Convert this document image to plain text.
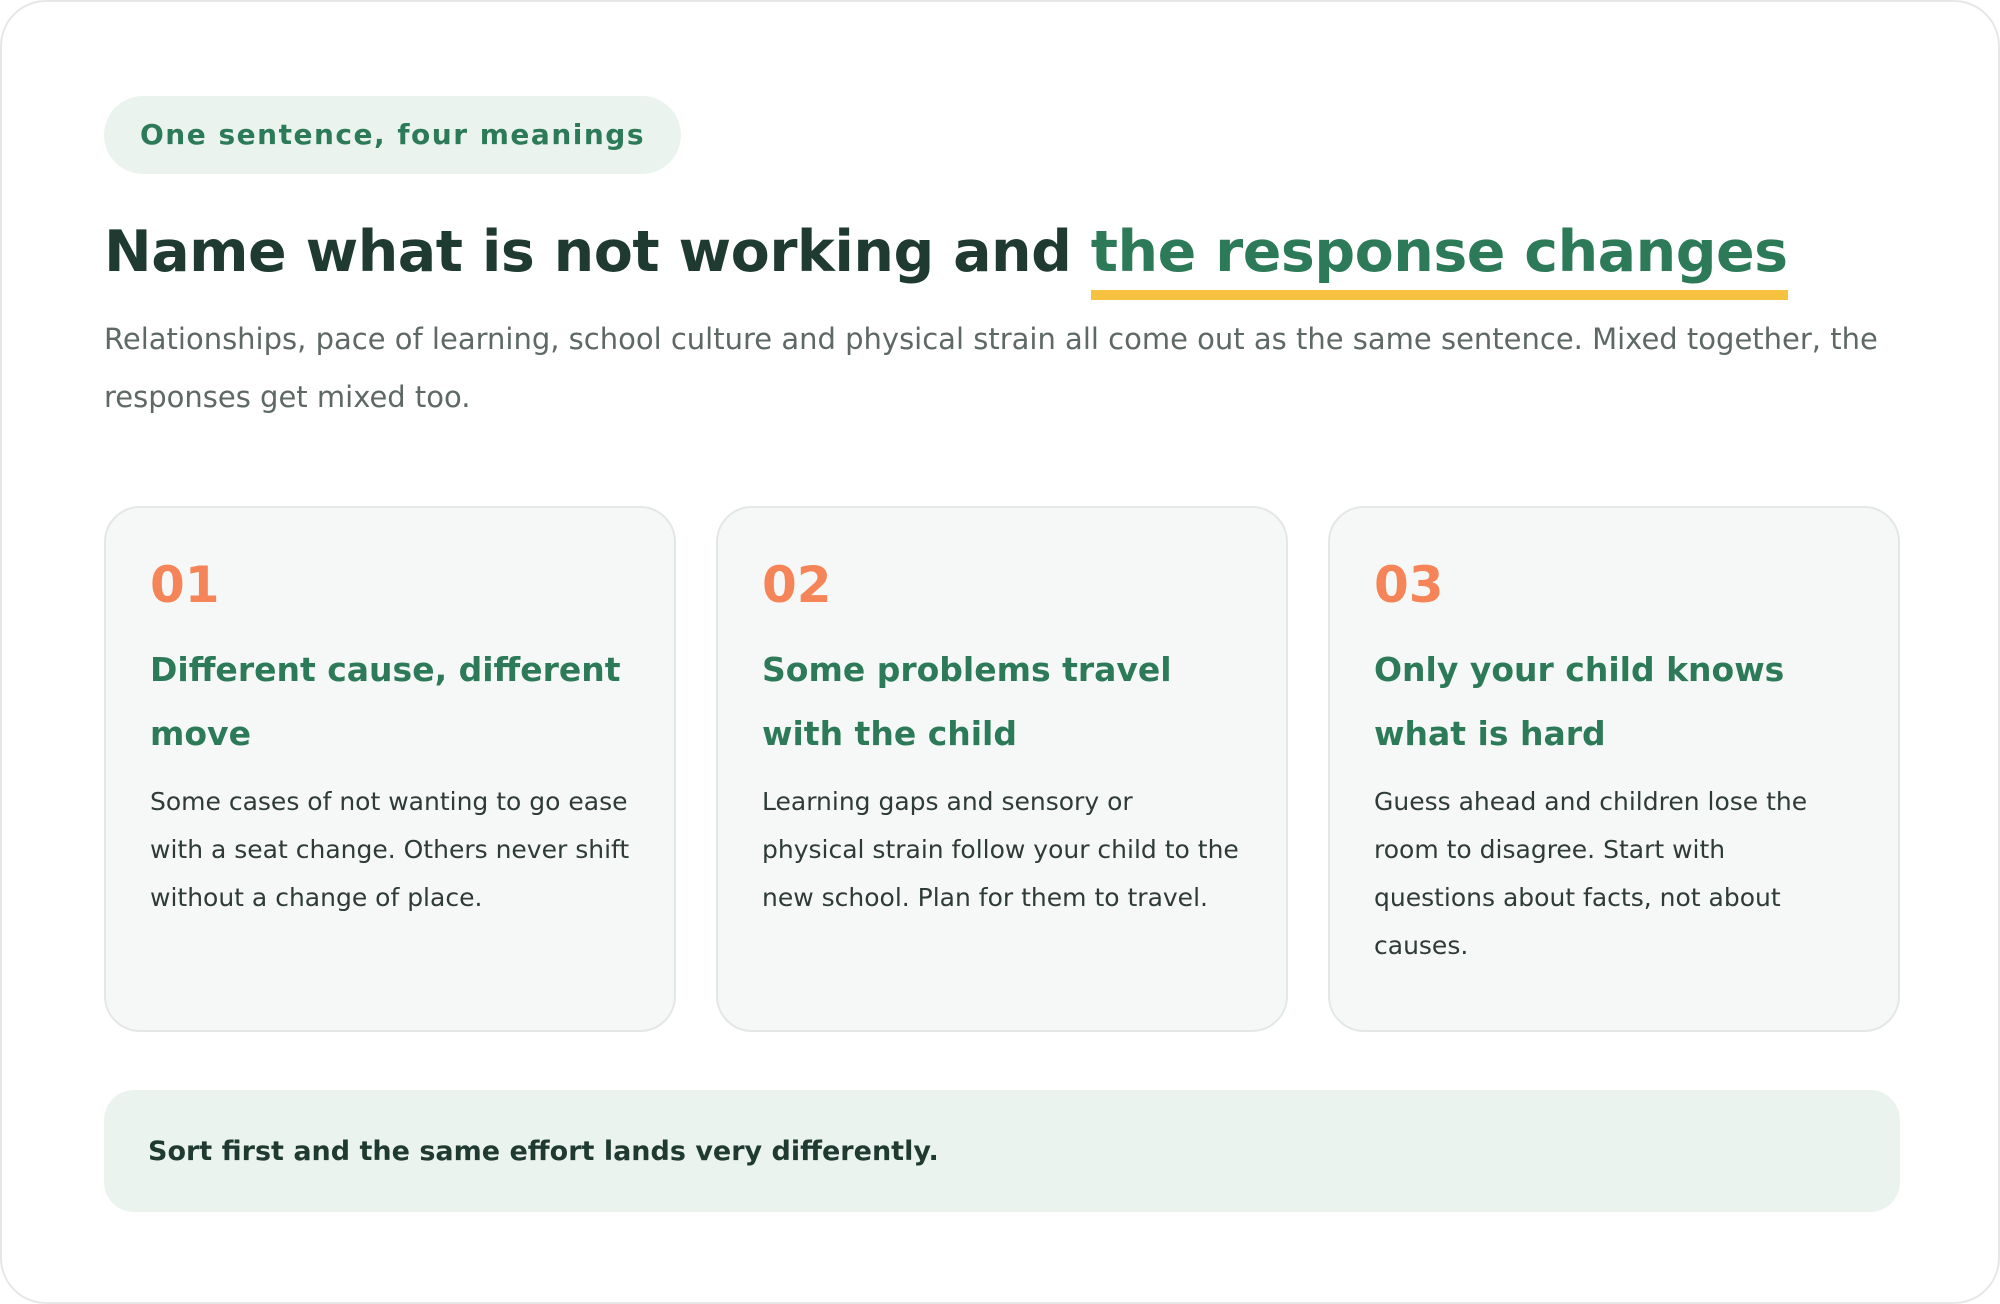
One sentence, four meanings
Name what is not working and the response changes

Relationships, pace of learning, school culture and physical strain all come out as the same sentence. Mixed together, the responses get mixed too.

01
Different cause, different move
Some cases of not wanting to go ease with a seat change. Others never shift without a change of place.
02
Some problems travel with the child
Learning gaps and sensory or physical strain follow your child to the new school. Plan for them to travel.
03
Only your child knows what is hard
Guess ahead and children lose the room to disagree. Start with questions about facts, not about causes.
Sort first and the same effort lands very differently.
